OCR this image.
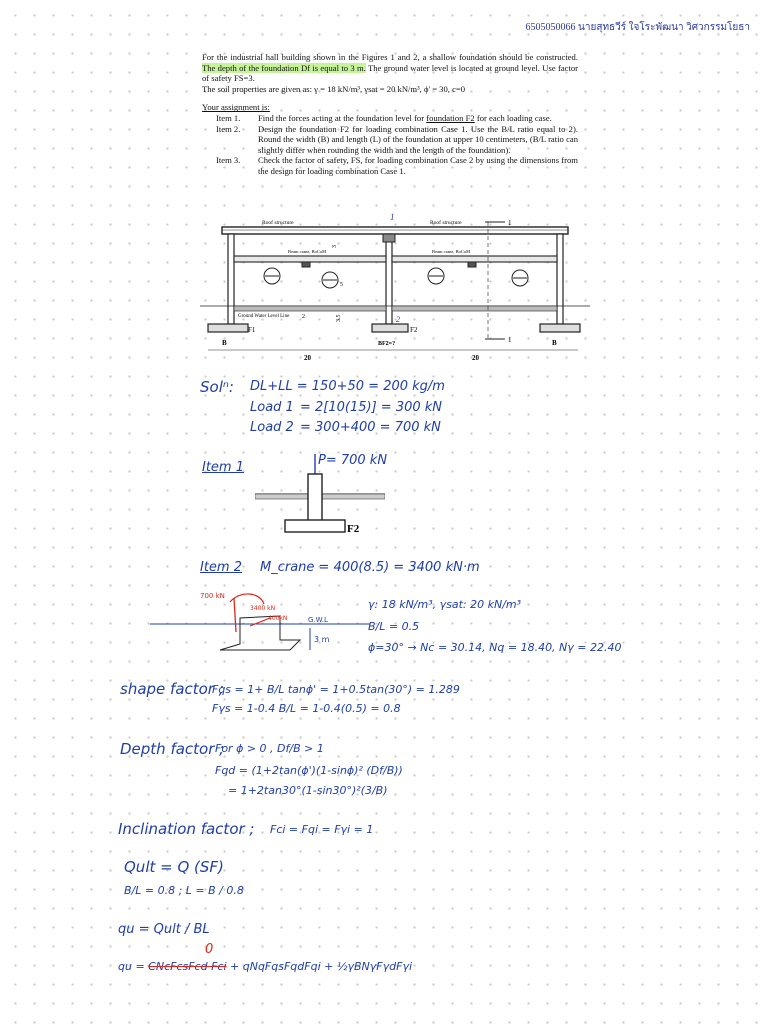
6505050066 นายสุทธวีร์ ใจโระพัฒนา วิศวกรรมโยธา

For the industrial hall building shown in the Figures 1 and 2, a shallow foundation should be constructed. The depth of the foundation Df is equal to 3 m. The ground water level is located at ground level. Use factor of safety FS=3.

The soil properties are given as: γ = 18 kN/m³, γsat = 20 kN/m³, ϕ' = 30, c=0

Your assignment is:

Item 1.	Find the forces acting at the foundation level for foundation F2 for each loading case.
Item 2.	Design the foundation F2 for loading combination Case 1. Use the B/L ratio equal to 2). Round the width (B) and length (L) of the foundation at upper 10 centimeters, (B/L ratio can slightly differ when rounding the width and the length of the foundation).
Item 3.	Check the factor of safety, FS, for loading combination Case 2 by using the dimensions from the design for loading combination Case 1.
Roof structure	Roof structure
Beam crane, BoCoM	Beam crane, BoCoM
Ground Water Level Line
F1	F2
3
5
2	3.5
1
1
B	B
BF2=?
20	20
1
2
Solⁿ: DL+LL = 150+50 = 200 kg/m
Load 1 = 2[10(15)] = 300 kN
Load 2 = 300+400 = 700 kN
Item 1
F2
P= 700 kN
Item 2 M_crane = 400(8.5) = 3400 kN·m
700 kN
3400 kN
400kN	G.W.L
3 m
γ: 18 kN/m³, γsat: 20 kN/m³
B/L = 0.5
ϕ=30° → Nc = 30.14, Nq = 18.40, Nγ = 22.40
shape factor ;
Fqs = 1+ B/L tanϕ' = 1+0.5tan(30°) = 1.289
Fγs = 1-0.4 B/L = 1-0.4(0.5) = 0.8
Depth factor ;
For ϕ > 0 , Df/B > 1
Fqd = (1+2tan(ϕ')(1-sinϕ)² (Df/B))
= 1+2tan30°(1-sin30°)²(3/B)
Inclination factor ; Fci = Fqi = Fγi = 1
Qult = Q (SF)
B/L = 0.8 ; L = B / 0.8
qu = Qult / BL
0
qu = CNcFcsFcd Fci + qNqFqsFqdFqi + ½γBNγFγdFγi
